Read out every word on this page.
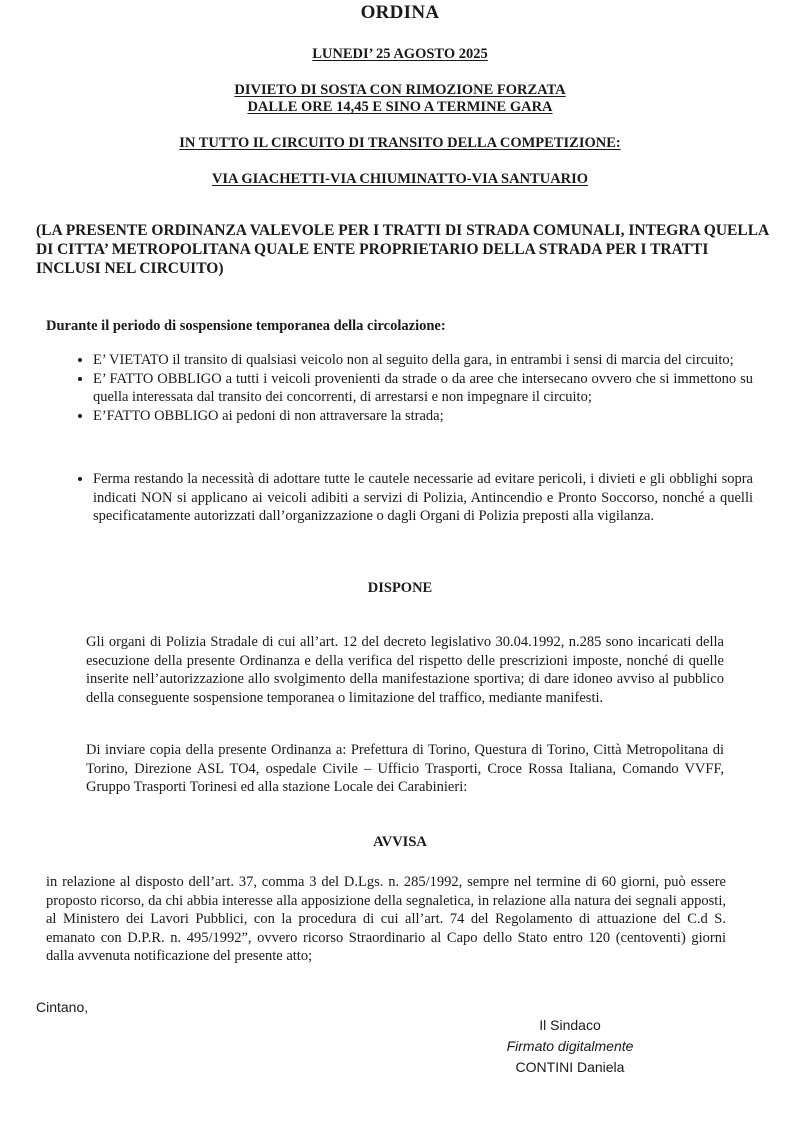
ORDINA
LUNEDI’ 25 AGOSTO 2025
DIVIETO DI SOSTA CON RIMOZIONE FORZATA
DALLE ORE 14,45 E SINO A TERMINE GARA
IN TUTTO IL CIRCUITO DI TRANSITO DELLA COMPETIZIONE:
VIA GIACHETTI-VIA CHIUMINATTO-VIA SANTUARIO
(LA PRESENTE ORDINANZA VALEVOLE PER I TRATTI DI STRADA COMUNALI, INTEGRA QUELLA DI CITTA’ METROPOLITANA QUALE ENTE PROPRIETARIO DELLA STRADA PER I TRATTI INCLUSI NEL CIRCUITO)
Durante il periodo di sospensione temporanea della circolazione:
• E’ VIETATO il transito di qualsiasi veicolo non al seguito della gara, in entrambi i sensi di marcia del circuito;
• E’ FATTO OBBLIGO a tutti i veicoli provenienti da strade o da aree che intersecano ovvero che si immettono su quella interessata dal transito dei concorrenti, di arrestarsi e non impegnare il circuito;
• E’FATTO OBBLIGO ai pedoni di non attraversare la strada;
• Ferma restando la necessità di adottare tutte le cautele necessarie ad evitare pericoli, i divieti e gli obblighi sopra indicati NON si applicano ai veicoli adibiti a servizi di Polizia, Antincendio e Pronto Soccorso, nonché a quelli specificatamente autorizzati dall’organizzazione o dagli Organi di Polizia preposti alla vigilanza.
DISPONE
Gli organi di Polizia Stradale di cui all’art. 12 del decreto legislativo 30.04.1992, n.285 sono incaricati della esecuzione della presente Ordinanza e della verifica del rispetto delle prescrizioni imposte, nonché di quelle inserite nell’autorizzazione allo svolgimento della manifestazione sportiva; di dare idoneo avviso al pubblico della conseguente sospensione temporanea o limitazione del traffico, mediante manifesti.
Di inviare copia della presente Ordinanza a: Prefettura di Torino, Questura di Torino, Città Metropolitana di Torino, Direzione ASL TO4, ospedale Civile – Ufficio Trasporti, Croce Rossa Italiana, Comando VVFF, Gruppo Trasporti Torinesi ed alla stazione Locale dei Carabinieri:
AVVISA
in relazione al disposto dell’art. 37, comma 3 del D.Lgs. n. 285/1992, sempre nel termine di 60 giorni, può essere proposto ricorso, da chi abbia interesse alla apposizione della segnaletica, in relazione alla natura dei segnali apposti, al Ministero dei Lavori Pubblici, con la procedura di cui all’art. 74 del Regolamento di attuazione del C.d S. emanato con D.P.R. n. 495/1992”, ovvero ricorso Straordinario al Capo dello Stato entro 120 (centoventi) giorni dalla avvenuta notificazione del presente atto;
Cintano,
Il Sindaco
Firmato digitalmente
CONTINI Daniela
